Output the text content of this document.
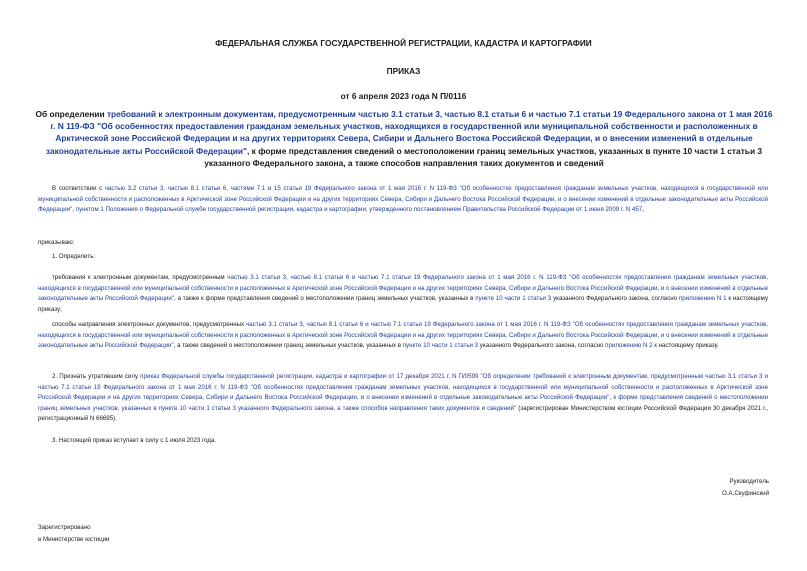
ФЕДЕРАЛЬНАЯ СЛУЖБА ГОСУДАРСТВЕННОЙ РЕГИСТРАЦИИ, КАДАСТРА И КАРТОГРАФИИ
ПРИКАЗ
от 6 апреля 2023 года N П/0116
Об определении требований к электронным документам, предусмотренным частью 3.1 статьи 3, частью 8.1 статьи 6 и частью 7.1 статьи 19 Федерального закона от 1 мая 2016 г. N 119-ФЗ "Об особенностях предоставления гражданам земельных участков, находящихся в государственной или муниципальной собственности и расположенных в Арктической зоне Российской Федерации и на других территориях Севера, Сибири и Дальнего Востока Российской Федерации, и о внесении изменений в отдельные законодательные акты Российской Федерации", к форме представления сведений о местоположении границ земельных участков, указанных в пункте 10 части 1 статьи 3 указанного Федерального закона, а также способов направления таких документов и сведений
В соответствии с частью 3.2 статьи 3, частью 8.1 статьи 6, частями 7.1 и 15 статьи 19 Федерального закона от 1 мая 2016 г. N 119-ФЗ "Об особенностях предоставления гражданам земельных участков, находящихся в государственной или муниципальной собственности и расположенных в Арктической зоне Российской Федерации и на других территориях Севера, Сибири и Дальнего Востока Российской Федерации, и о внесении изменений в отдельные законодательные акты Российской Федерации", пунктом 1 Положения о Федеральной службе государственной регистрации, кадастра и картографии, утвержденного постановлением Правительства Российской Федерации от 1 июня 2009 г. N 457,
приказываю:
1. Определить:
требования к электронным документам, предусмотренным частью 3.1 статьи 3, частью 8.1 статьи 6 и частью 7.1 статьи 19 Федерального закона от 1 мая 2016 г. N 119-ФЗ "Об особенностях предоставления гражданам земельных участков, находящихся в государственной или муниципальной собственности и расположенных в Арктической зоне Российской Федерации и на других территориях Севера, Сибири и Дальнего Востока Российской Федерации, и о внесении изменений в отдельные законодательные акты Российской Федерации", а также к форме представления сведений о местоположении границ земельных участков, указанных в пункте 10 части 1 статьи 3 указанного Федерального закона, согласно приложению N 1 к настоящему приказу;
способы направления электронных документов, предусмотренных частью 3.1 статьи 3, частью 8.1 статьи 6 и частью 7.1 статьи 19 Федерального закона от 1 мая 2016 г. N 119-ФЗ "Об особенностях предоставления гражданам земельных участков, находящихся в государственной или муниципальной собственности и расположенных в Арктической зоне Российской Федерации и на других территориях Севера, Сибири и Дальнего Востока Российской Федерации, и о внесении изменений в отдельные законодательные акты Российской Федерации", а также сведений о местоположении границ земельных участков, указанных в пункте 10 части 1 статьи 3 указанного Федерального закона, согласно приложению N 2 к настоящему приказу.
2. Признать утратившим силу приказ Федеральной службы государственной регистрации, кадастра и картографии от 17 декабря 2021 г. N П/0599 "Об определении требований к электронным документам, предусмотренным частью 3.1 статьи 3 и частью 7.1 статьи 19 Федерального закона от 1 мая 2016 г. N 119-ФЗ "Об особенностях предоставления гражданам земельных участков, находящихся в государственной или муниципальной собственности и расположенных в Арктической зоне Российской Федерации и на других территориях Севера, Сибири и Дальнего Востока Российской Федерации, и о внесении изменений в отдельные законодательные акты Российской Федерации", к форме представления сведений о местоположении границ земельных участков, указанных в пункте 10 части 1 статьи 3 указанного Федерального закона, а также способов направления таких документов и сведений" (зарегистрирован Министерством юстиции Российской Федерации 30 декабря 2021 г., регистрационный N 66695).
3. Настоящий приказ вступает в силу с 1 июля 2023 года.
Руководитель
О.А.Скуфинский
Зарегистрировано
в Министерстве юстиции
